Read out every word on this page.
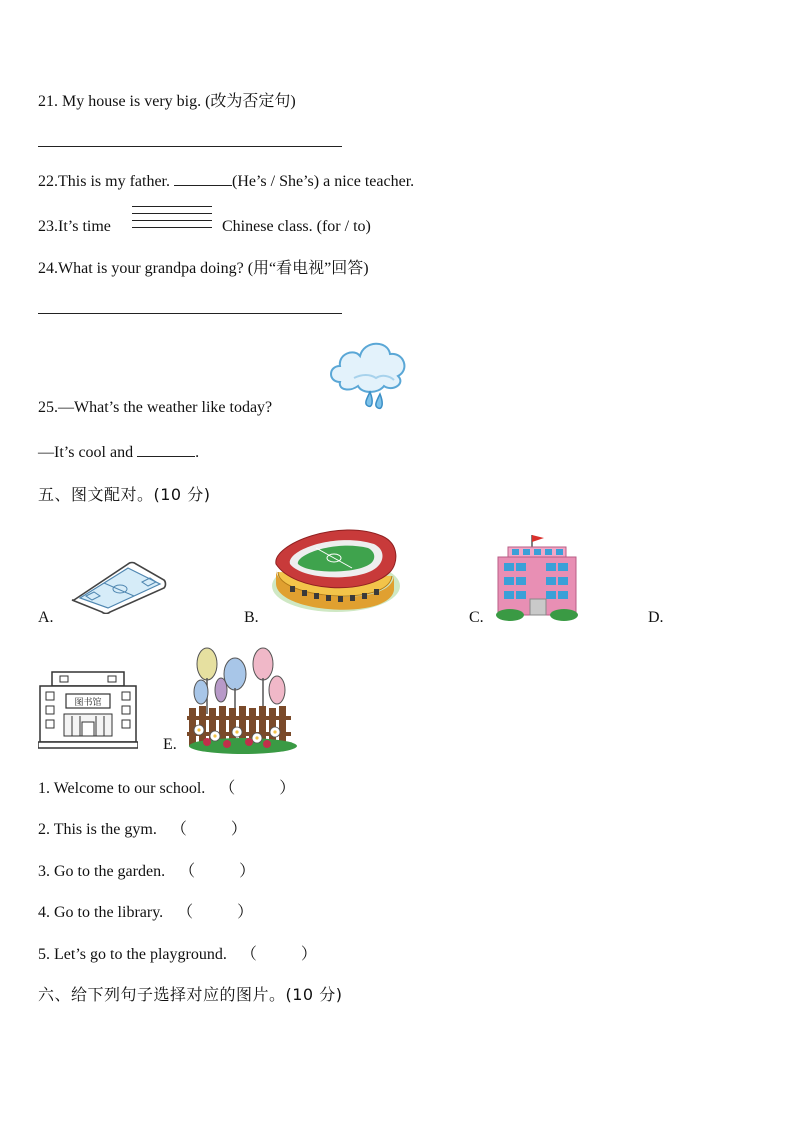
21. My house is very big. (改为否定句)
22.This is my father.	(He’s / She’s) a nice teacher.
23.It’s time	Chinese class. (for / to)
24.What is your grandpa doing? (用“看电视”回答)
25.—What’s the weather like today?
—It’s cool and	.
五、图文配对。(10 分)
A.	B.	C.	D.
图书馆
E.
1. Welcome to our school. （	）
2. This is the gym. （	）
3. Go to the garden. （	）
4. Go to the library. （	）
5. Let’s go to the playground. （	）
六、给下列句子选择对应的图片。(10 分)
